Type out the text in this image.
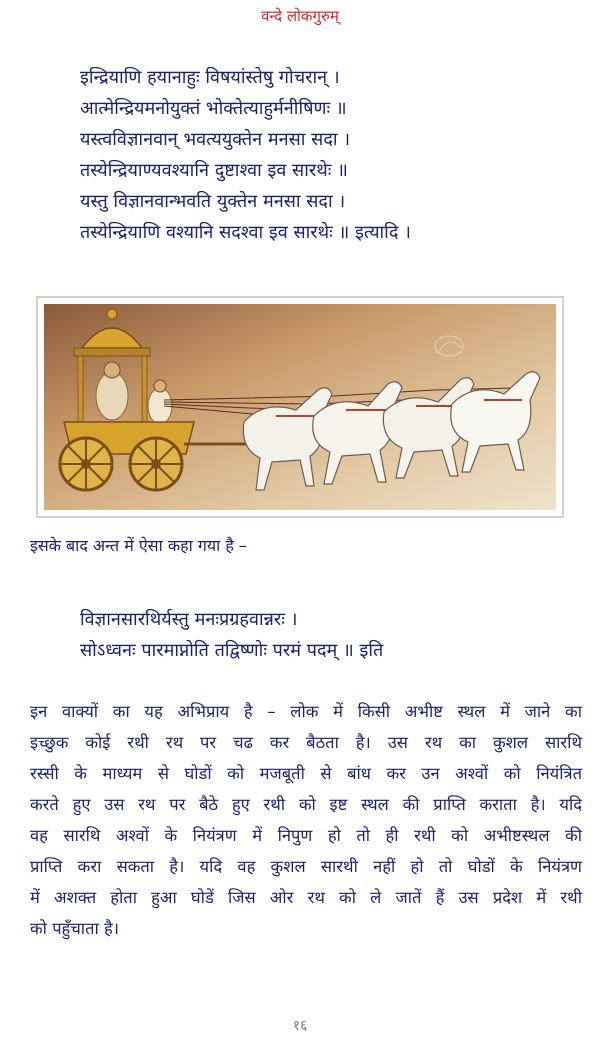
वन्दे लोकगुरुम्
इन्द्रियाणि हयानाहुः विषयांस्तेषु गोचरान् ।
आत्मेन्द्रियमनोयुक्तं भोक्तेत्याहुर्मनीषिणः ॥
यस्त्वविज्ञानवान् भवत्ययुक्तेन मनसा सदा ।
तस्येन्द्रियाण्यवश्यानि दुष्टाश्वा इव सारथेः ॥
यस्तु विज्ञानवान्भवति युक्तेन मनसा सदा ।
तस्येन्द्रियाणि वश्यानि सदश्वा इव सारथेः ॥ इत्यादि ।
इसके बाद अन्त में ऐसा कहा गया है –
विज्ञानसारथिर्यस्तु मनःप्रग्रहवान्नरः ।
सोऽध्वनः पारमाप्नोति तद्विष्णोः परमं पदम् ॥ इति
इन वाक्यों का यह अभिप्राय है – लोक में किसी अभीष्ट स्थल में जाने का
इच्छुक कोई रथी रथ पर चढ कर बैठता है। उस रथ का कुशल सारथि
रस्सी के माध्यम से घोडों को मजबूती से बांध कर उन अश्वों को नियंत्रित
करते हुए उस रथ पर बैठे हुए रथी को इष्ट स्थल की प्राप्ति कराता है। यदि
वह सारथि अश्वों के नियंत्रण में निपुण हो तो ही रथी को अभीष्टस्थल की
प्राप्ति करा सकता है। यदि वह कुशल सारथी नहीं हो तो घोडों के नियंत्रण
में अशक्त होता हुआ घोडें जिस ओर रथ को ले जातें हैं उस प्रदेश में रथी
को पहुँचाता है।
१६
